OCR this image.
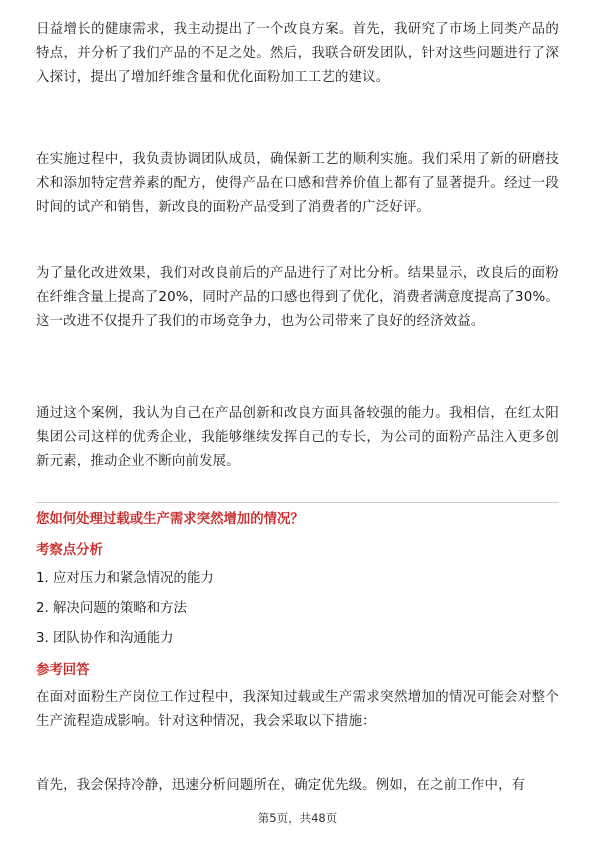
日益增长的健康需求，我主动提出了一个改良方案。首先，我研究了市场上同类产品的特点，并分析了我们产品的不足之处。然后，我联合研发团队，针对这些问题进行了深入探讨，提出了增加纤维含量和优化面粉加工工艺的建议。

在实施过程中，我负责协调团队成员，确保新工艺的顺利实施。我们采用了新的研磨技术和添加特定营养素的配方，使得产品在口感和营养价值上都有了显著提升。经过一段时间的试产和销售，新改良的面粉产品受到了消费者的广泛好评。

为了量化改进效果，我们对改良前后的产品进行了对比分析。结果显示，改良后的面粉在纤维含量上提高了20%，同时产品的口感也得到了优化，消费者满意度提高了30%。这一改进不仅提升了我们的市场竞争力，也为公司带来了良好的经济效益。

通过这个案例，我认为自己在产品创新和改良方面具备较强的能力。我相信，在红太阳集团公司这样的优秀企业，我能够继续发挥自己的专长，为公司的面粉产品注入更多创新元素，推动企业不断向前发展。

您如何处理过载或生产需求突然增加的情况？

考察点分析

1. 应对压力和紧急情况的能力
2. 解决问题的策略和方法
3. 团队协作和沟通能力

参考回答

在面对面粉生产岗位工作过程中，我深知过载或生产需求突然增加的情况可能会对整个生产流程造成影响。针对这种情况，我会采取以下措施：

首先，我会保持冷静，迅速分析问题所在，确定优先级。例如，在之前工作中，有

第5页，共48页
